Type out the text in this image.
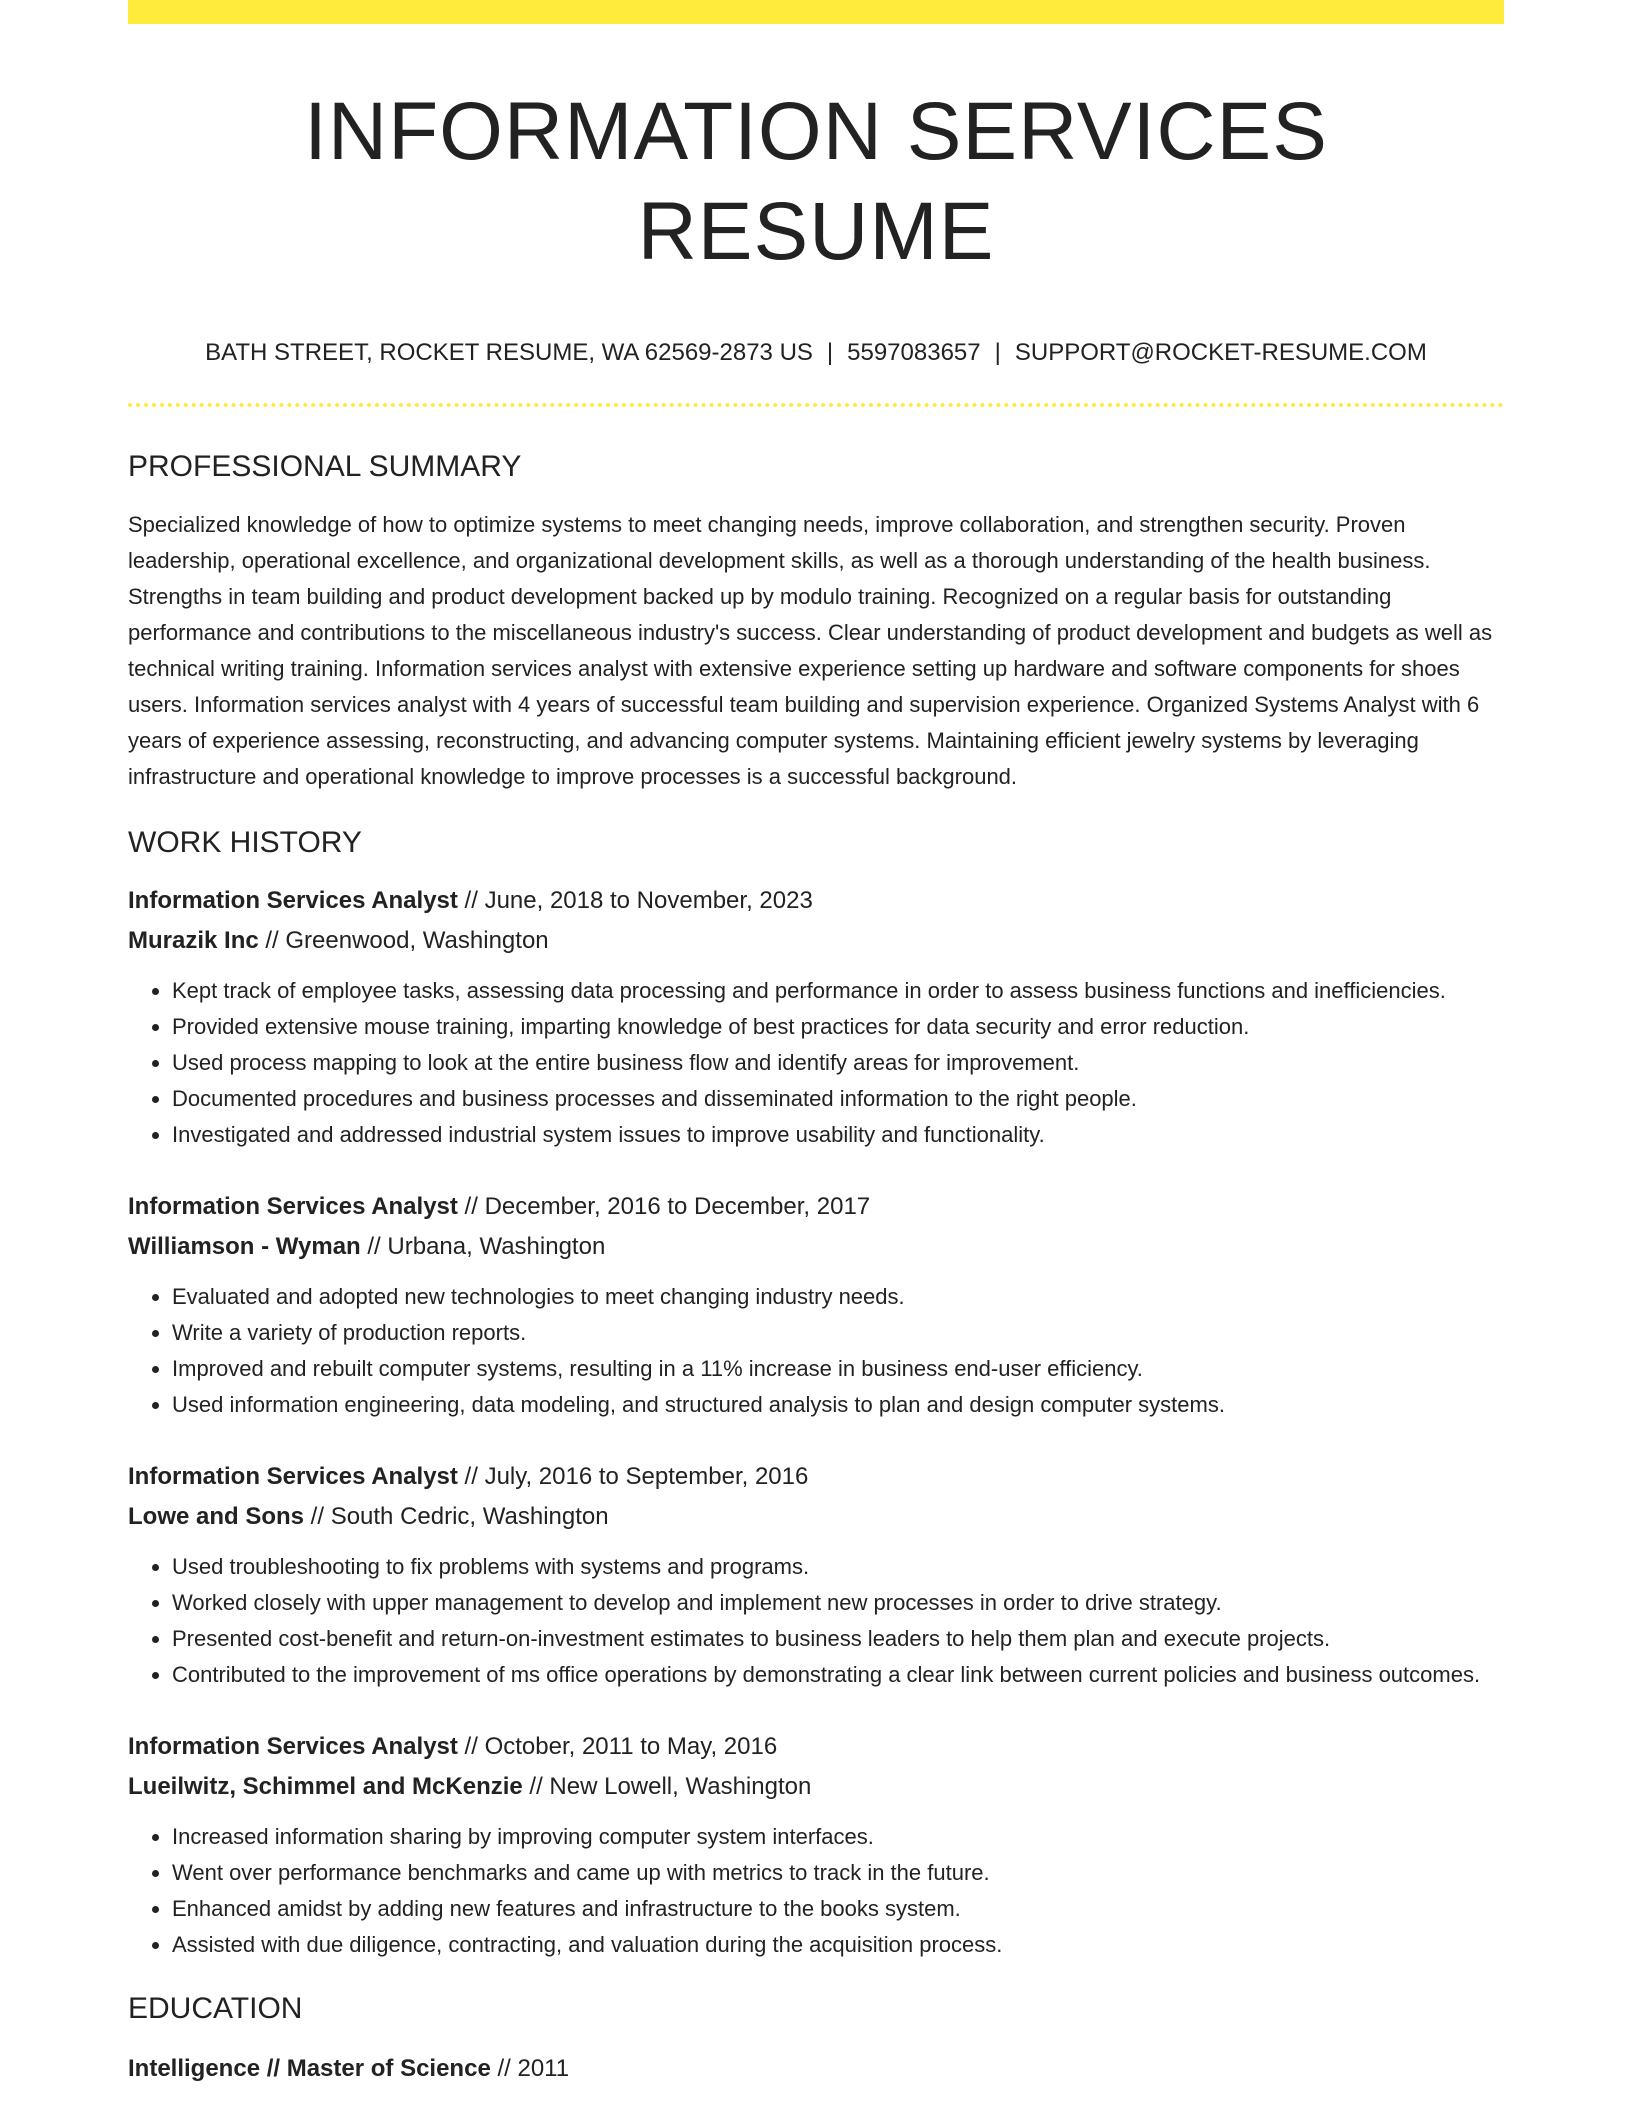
INFORMATION SERVICES RESUME
BATH STREET, ROCKET RESUME, WA 62569-2873 US | 5597083657 | SUPPORT@ROCKET-RESUME.COM
PROFESSIONAL SUMMARY

Specialized knowledge of how to optimize systems to meet changing needs, improve collaboration, and strengthen security. Proven leadership, operational excellence, and organizational development skills, as well as a thorough understanding of the health business. Strengths in team building and product development backed up by modulo training. Recognized on a regular basis for outstanding performance and contributions to the miscellaneous industry's success. Clear understanding of product development and budgets as well as technical writing training. Information services analyst with extensive experience setting up hardware and software components for shoes users. Information services analyst with 4 years of successful team building and supervision experience. Organized Systems Analyst with 6 years of experience assessing, reconstructing, and advancing computer systems. Maintaining efficient jewelry systems by leveraging infrastructure and operational knowledge to improve processes is a successful background.

WORK HISTORY
Information Services Analyst // June, 2018 to November, 2023
Murazik Inc // Greenwood, Washington
• Kept track of employee tasks, assessing data processing and performance in order to assess business functions and inefficiencies.
• Provided extensive mouse training, imparting knowledge of best practices for data security and error reduction.
• Used process mapping to look at the entire business flow and identify areas for improvement.
• Documented procedures and business processes and disseminated information to the right people.
• Investigated and addressed industrial system issues to improve usability and functionality.
Information Services Analyst // December, 2016 to December, 2017
Williamson - Wyman // Urbana, Washington
• Evaluated and adopted new technologies to meet changing industry needs.
• Write a variety of production reports.
• Improved and rebuilt computer systems, resulting in a 11% increase in business end-user efficiency.
• Used information engineering, data modeling, and structured analysis to plan and design computer systems.
Information Services Analyst // July, 2016 to September, 2016
Lowe and Sons // South Cedric, Washington
• Used troubleshooting to fix problems with systems and programs.
• Worked closely with upper management to develop and implement new processes in order to drive strategy.
• Presented cost-benefit and return-on-investment estimates to business leaders to help them plan and execute projects.
• Contributed to the improvement of ms office operations by demonstrating a clear link between current policies and business outcomes.
Information Services Analyst // October, 2011 to May, 2016
Lueilwitz, Schimmel and McKenzie // New Lowell, Washington
• Increased information sharing by improving computer system interfaces.
• Went over performance benchmarks and came up with metrics to track in the future.
• Enhanced amidst by adding new features and infrastructure to the books system.
• Assisted with due diligence, contracting, and valuation during the acquisition process.
EDUCATION
Intelligence // Master of Science // 2011
